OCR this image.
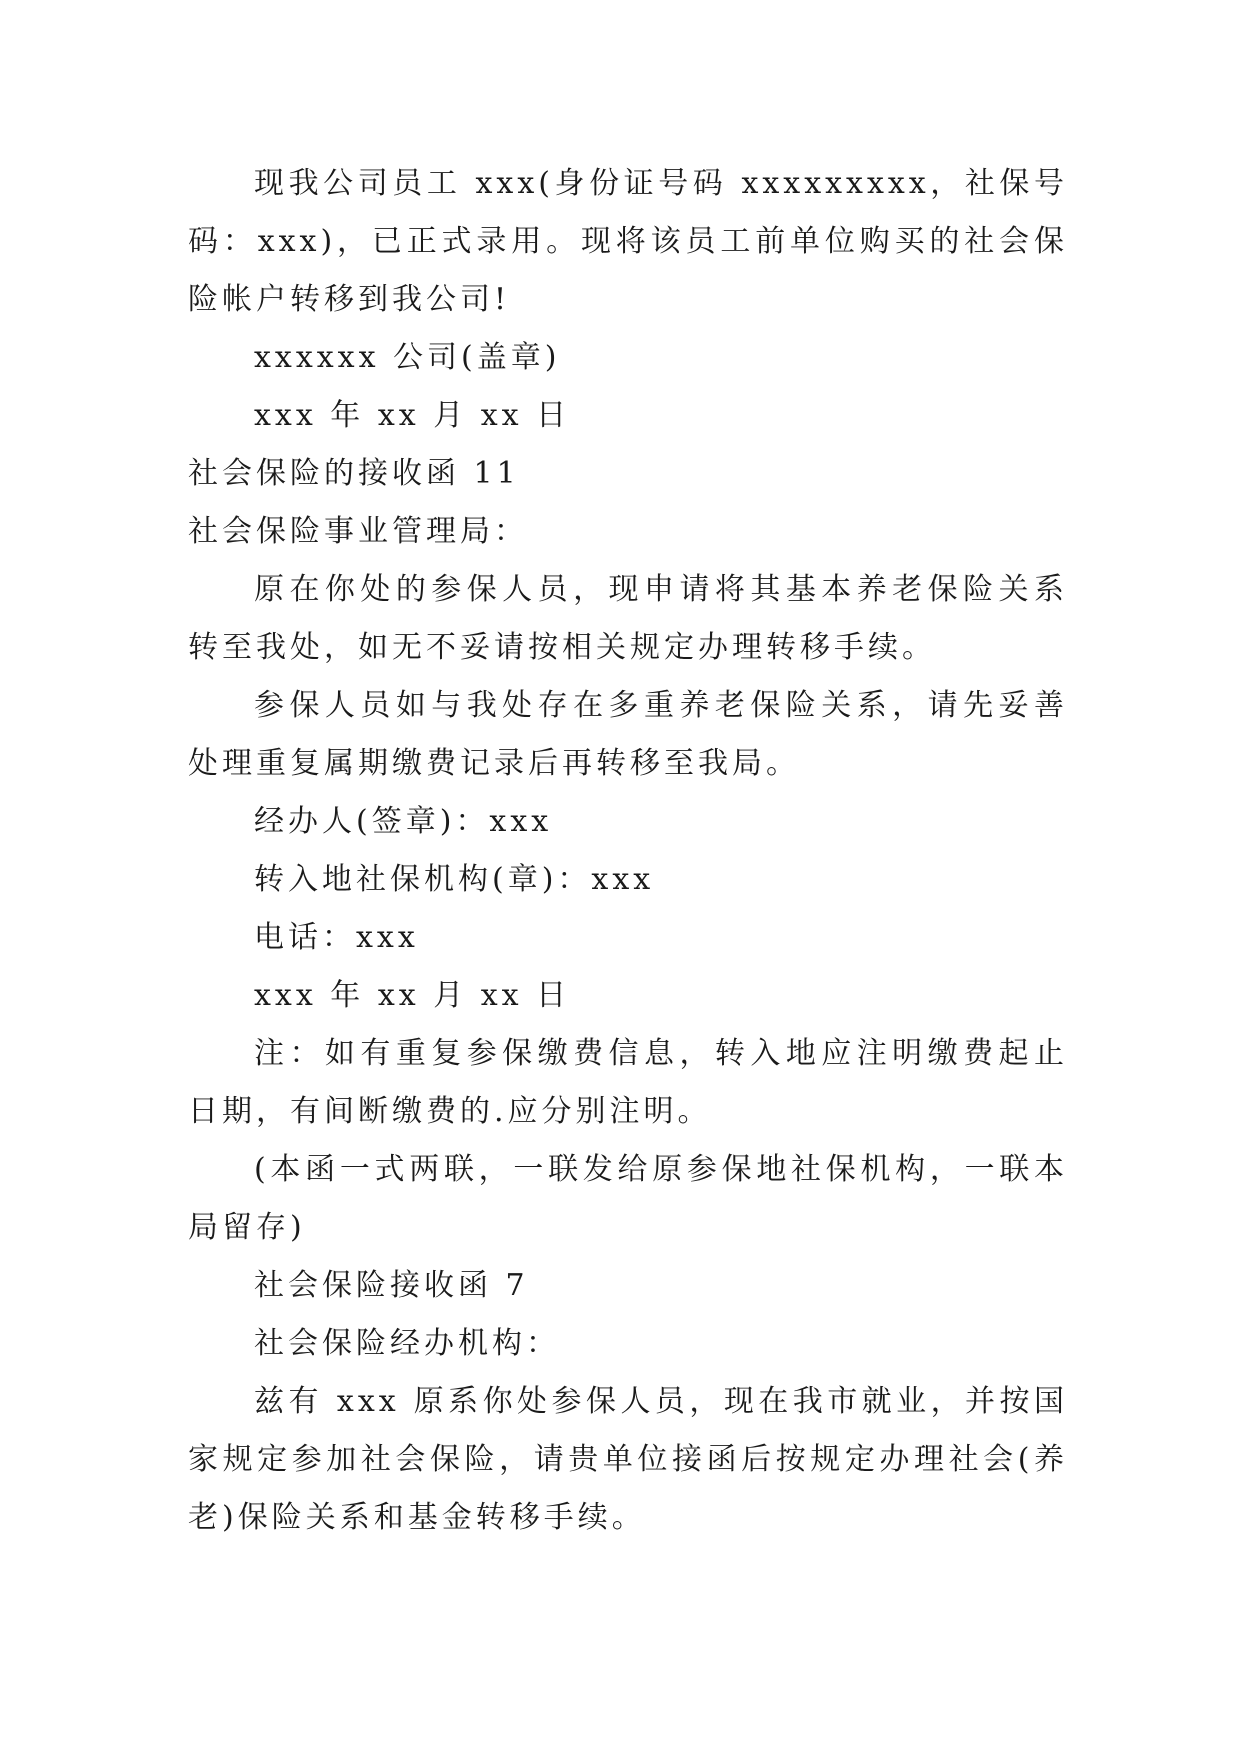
现我公司员工 xxx(身份证号码 xxxxxxxxx，社保号码：xxx)，已正式录用。现将该员工前单位购买的社会保险帐户转移到我公司!

xxxxxx 公司(盖章)

xxx 年 xx 月 xx 日

社会保险的接收函 11

社会保险事业管理局：

原在你处的参保人员，现申请将其基本养老保险关系转至我处，如无不妥请按相关规定办理转移手续。

参保人员如与我处存在多重养老保险关系，请先妥善处理重复属期缴费记录后再转移至我局。

经办人(签章)：xxx

转入地社保机构(章)：xxx

电话：xxx

xxx 年 xx 月 xx 日

注：如有重复参保缴费信息，转入地应注明缴费起止日期，有间断缴费的.应分别注明。

(本函一式两联，一联发给原参保地社保机构，一联本局留存)

社会保险接收函 7

社会保险经办机构：

兹有 xxx 原系你处参保人员，现在我市就业，并按国家规定参加社会保险，请贵单位接函后按规定办理社会(养老)保险关系和基金转移手续。
